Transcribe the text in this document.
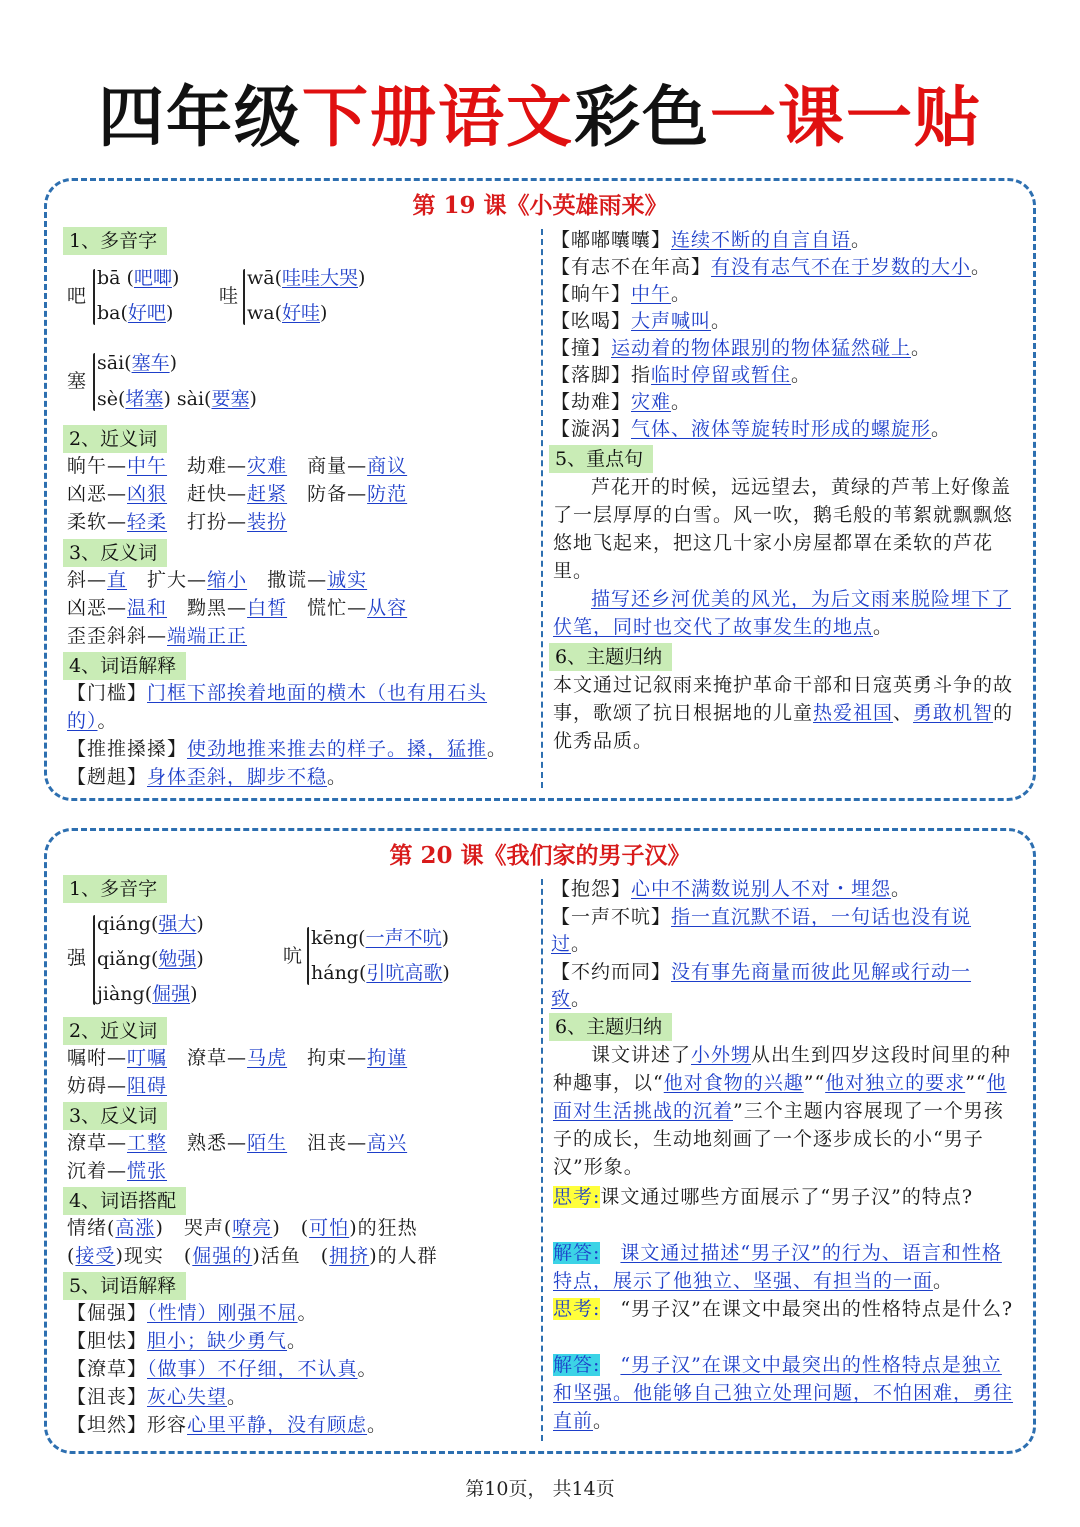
四年级下册语文彩色一课一贴
第 19 课《小英雄雨来》
1、多音字
吧
bā (吧唧)
ba(好吧)
哇
wā(哇哇大哭)
wa(好哇)
塞
sāi(塞车)
sè(堵塞) sài(要塞)
2、近义词
晌午—中午　 劫难—灾难　 商量—商议
凶恶—凶狠　 赶快—赶紧　 防备—防范
柔软—轻柔　 打扮—装扮
3、反义词
斜—直　 扩大—缩小　 撒谎—诚实
凶恶—温和　 黝黑—白皙　 慌忙—从容
歪歪斜斜—端端正正
4、词语解释
【门槛】门框下部挨着地面的横木（也有用石头
的）。
【推推搡搡】使劲地推来推去的样子。搡，猛推。
【趔趄】身体歪斜，脚步不稳。
【嘟嘟囔囔】连续不断的自言自语。
【有志不在年高】有没有志气不在于岁数的大小。
【晌午】中午。
【吆喝】大声喊叫。
【撞】运动着的物体跟别的物体猛然碰上。
【落脚】指临时停留或暂住。
【劫难】灾难。
【漩涡】气体、液体等旋转时形成的螺旋形。
5、重点句
芦花开的时候，远远望去，黄绿的芦苇上好像盖了一层厚厚的白雪。风一吹，鹅毛般的苇絮就飘飘悠悠地飞起来，把这几十家小房屋都罩在柔软的芦花里。
描写还乡河优美的风光，为后文雨来脱险埋下了伏笔，同时也交代了故事发生的地点。
6、主题归纳
本文通过记叙雨来掩护革命干部和日寇英勇斗争的故事，歌颂了抗日根据地的儿童热爱祖国、勇敢机智的优秀品质。
第 20 课《我们家的男子汉》
1、多音字
强
qiáng(强大)
qiǎng(勉强)
jiàng(倔强)
吭
kēng(一声不吭)
háng(引吭高歌)
2、近义词
嘱咐—叮嘱　 潦草—马虎　 拘束—拘谨
妨碍—阻碍
3、反义词
潦草—工整　 熟悉—陌生　 沮丧—高兴
沉着—慌张
4、词语搭配
情绪(高涨)　 哭声(嘹亮)　 (可怕)的狂热
(接受)现实　 (倔强的)活鱼　 (拥挤)的人群
5、词语解释
【倔强】（性情）刚强不屈。
【胆怯】胆小；缺少勇气。
【潦草】（做事）不仔细，不认真。
【沮丧】灰心失望。
【坦然】形容心里平静，没有顾虑。
【抱怨】心中不满数说别人不对・埋怨。
【一声不吭】指一直沉默不语，一句话也没有说
过。
【不约而同】没有事先商量而彼此见解或行动一
致。
6、主题归纳
课文讲述了小外甥从出生到四岁这段时间里的种种趣事，以“他对食物的兴趣”“他对独立的要求”“他面对生活挑战的沉着”三个主题内容展现了一个男孩子的成长，生动地刻画了一个逐步成长的小“男子汉”形象。
思考:课文通过哪些方面展示了“男子汉”的特点?
解答:　 课文通过描述“男子汉”的行为、语言和性格特点，展示了他独立、坚强、有担当的一面。
思考:　 “男子汉”在课文中最突出的性格特点是什么?
解答:　 “男子汉”在课文中最突出的性格特点是独立和坚强。他能够自己独立处理问题，不怕困难，勇往直前。
第10页， 共14页
